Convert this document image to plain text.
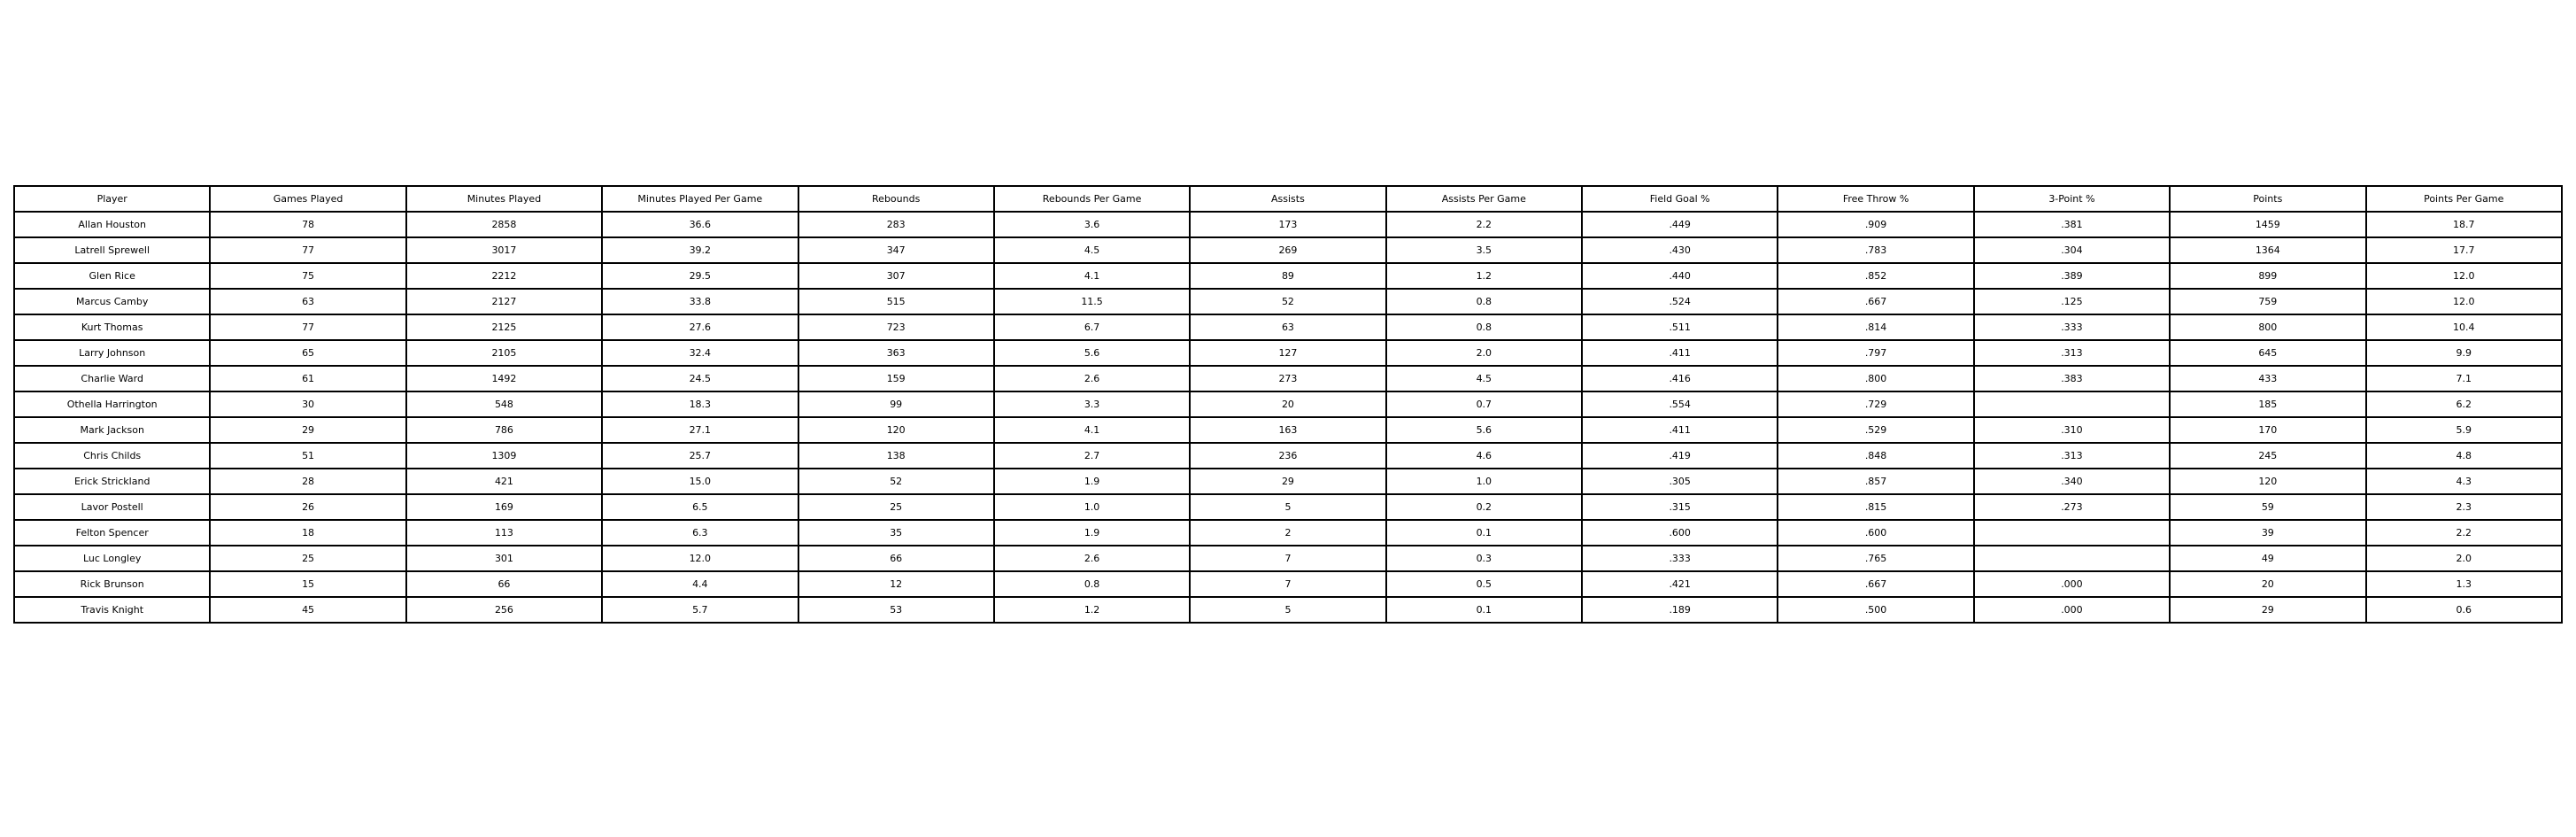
Player	Games Played	Minutes Played	Minutes Played Per Game	Rebounds	Rebounds Per Game	Assists	Assists Per Game	Field Goal %	Free Throw %	3-Point %	Points	Points Per Game
Allan Houston	78	2858	36.6	283	3.6	173	2.2	.449	.909	.381	1459	18.7
Latrell Sprewell	77	3017	39.2	347	4.5	269	3.5	.430	.783	.304	1364	17.7
Glen Rice	75	2212	29.5	307	4.1	89	1.2	.440	.852	.389	899	12.0
Marcus Camby	63	2127	33.8	515	11.5	52	0.8	.524	.667	.125	759	12.0
Kurt Thomas	77	2125	27.6	723	6.7	63	0.8	.511	.814	.333	800	10.4
Larry Johnson	65	2105	32.4	363	5.6	127	2.0	.411	.797	.313	645	9.9
Charlie Ward	61	1492	24.5	159	2.6	273	4.5	.416	.800	.383	433	7.1
Othella Harrington	30	548	18.3	99	3.3	20	0.7	.554	.729		185	6.2
Mark Jackson	29	786	27.1	120	4.1	163	5.6	.411	.529	.310	170	5.9
Chris Childs	51	1309	25.7	138	2.7	236	4.6	.419	.848	.313	245	4.8
Erick Strickland	28	421	15.0	52	1.9	29	1.0	.305	.857	.340	120	4.3
Lavor Postell	26	169	6.5	25	1.0	5	0.2	.315	.815	.273	59	2.3
Felton Spencer	18	113	6.3	35	1.9	2	0.1	.600	.600		39	2.2
Luc Longley	25	301	12.0	66	2.6	7	0.3	.333	.765		49	2.0
Rick Brunson	15	66	4.4	12	0.8	7	0.5	.421	.667	.000	20	1.3
Travis Knight	45	256	5.7	53	1.2	5	0.1	.189	.500	.000	29	0.6
